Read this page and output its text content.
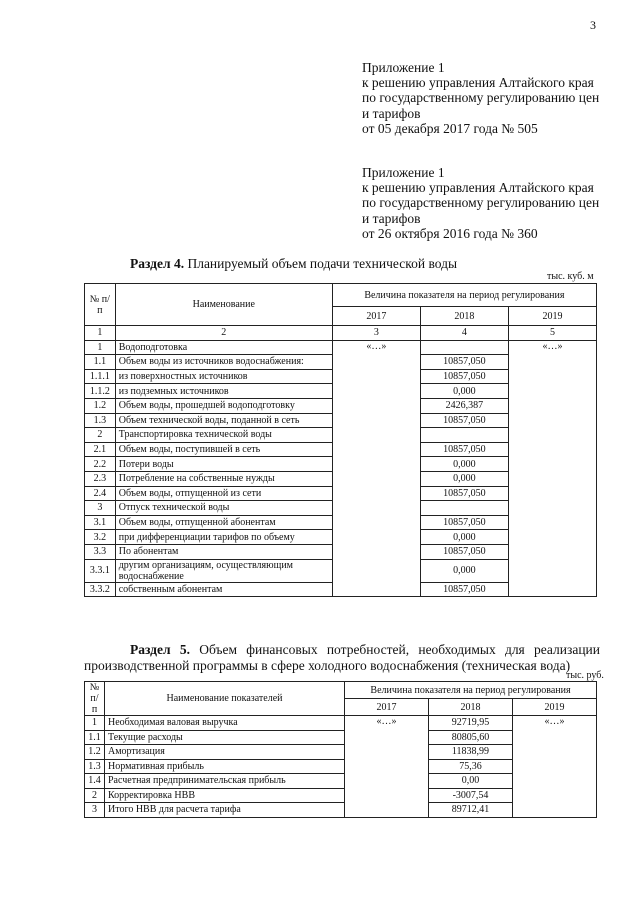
3
Приложение 1
к решению управления Алтайского края
по государственному регулированию цен
и тарифов
от 05 декабря 2017 года № 505
Приложение 1
к решению управления Алтайского края
по государственному регулированию цен
и тарифов
от 26 октября 2016 года № 360
Раздел 4. Планируемый объем подачи технической воды
тыс. куб. м
№ п/п	Наименование	Величина показателя на период регулирования		
		2017	2018	2019
1	2	3	4	5
1	Водоподготовка	«…»		«…»
1.1	Объем воды из источников водоснабжения:		10857,050	
1.1.1	из поверхностных источников		10857,050	
1.1.2	из подземных источников		0,000	
1.2	Объем воды, прошедшей водоподготовку		2426,387	
1.3	Объем технической воды, поданной в сеть		10857,050	
2	Транспортировка технической воды			
2.1	Объем воды, поступившей в сеть		10857,050	
2.2	Потери воды		0,000	
2.3	Потребление на собственные нужды		0,000	
2.4	Объем воды, отпущенной из сети		10857,050	
3	Отпуск технической воды			
3.1	Объем воды, отпущенной абонентам		10857,050	
3.2	при дифференциации тарифов по объему		0,000	
3.3	По абонентам		10857,050	
3.3.1	другим организациям, осуществляющим водоснабжение		0,000	
3.3.2	собственным абонентам		10857,050	
Раздел 5. Объем финансовых потребностей, необходимых для реализации производственной программы в сфере холодного водоснабжения (техническая вода)
тыс. руб.
№ п/п	Наименование показателей	Величина показателя на период регулирования		
		2017	2018	2019
1	Необходимая валовая выручка	«…»	92719,95	«…»
1.1	Текущие расходы		80805,60	
1.2	Амортизация		11838,99	
1.3	Нормативная прибыль		75,36	
1.4	Расчетная предпринимательская прибыль		0,00	
2	Корректировка НВВ		-3007,54	
3	Итого НВВ для расчета тарифа		89712,41	
